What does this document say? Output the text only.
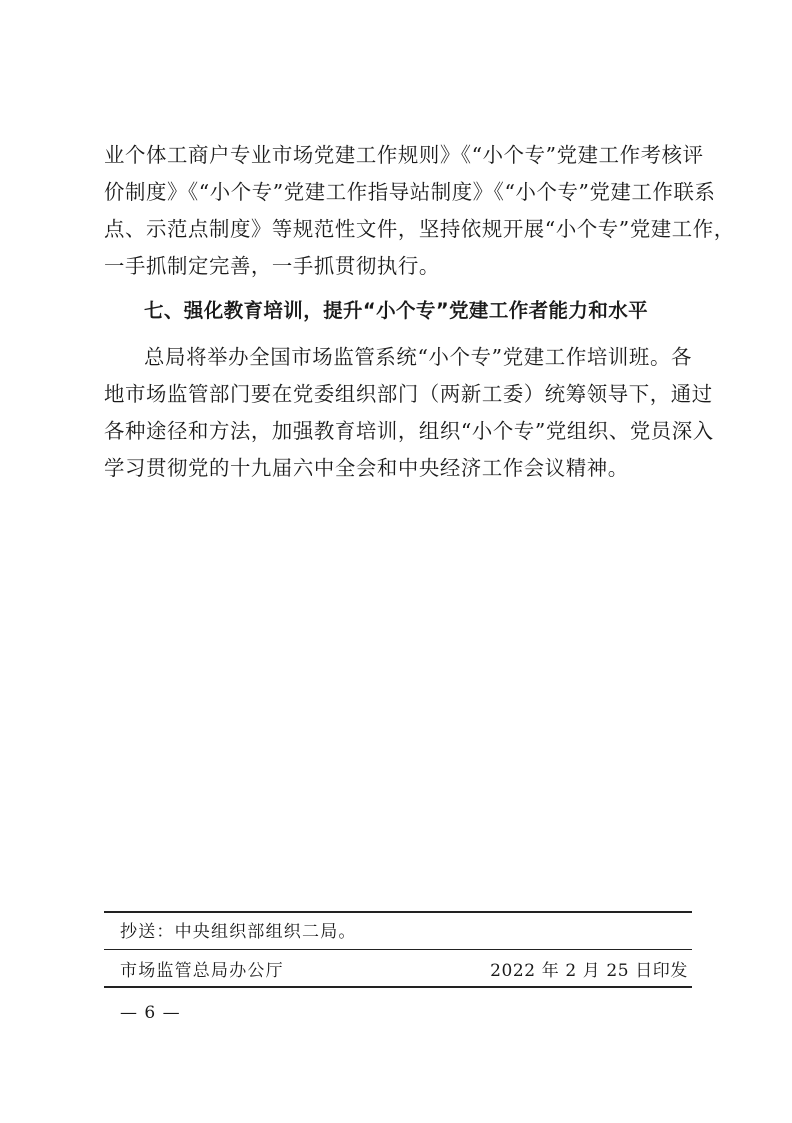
业个体工商户专业市场党建工作规则》《“小个专”党建工作考核评
价制度》《“小个专”党建工作指导站制度》《“小个专”党建工作联系
点、示范点制度》等规范性文件，坚持依规开展“小个专”党建工作，
一手抓制定完善，一手抓贯彻执行。
七、强化教育培训，提升“小个专”党建工作者能力和水平
总局将举办全国市场监管系统“小个专”党建工作培训班。各
地市场监管部门要在党委组织部门（两新工委）统筹领导下，通过
各种途径和方法，加强教育培训，组织“小个专”党组织、党员深入
学习贯彻党的十九届六中全会和中央经济工作会议精神。
抄送：中央组织部组织二局。
市场监管总局办公厅	2022 年 2 月 25 日印发
— 6 —
